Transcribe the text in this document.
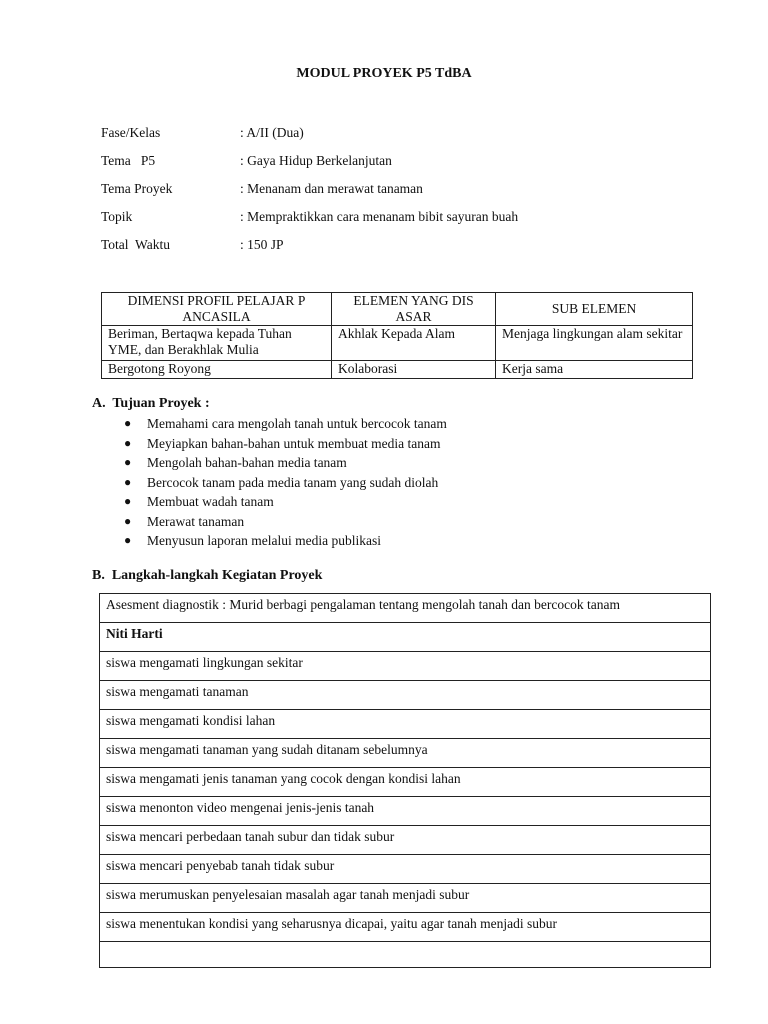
MODUL PROYEK P5 TdBA
Fase/Kelas	: A/II (Dua)
Tema   P5	: Gaya Hidup Berkelanjutan
Tema Proyek	: Menanam dan merawat tanaman
Topik	: Mempraktikkan cara menanam bibit sayuran buah
Total  Waktu	: 150 JP
DIMENSI PROFIL PELAJAR P ANCASILA	ELEMEN YANG DIS ASAR	SUB ELEMEN
Beriman, Bertaqwa kepada Tuhan YME, dan Berakhlak Mulia	Akhlak Kepada Alam	Menjaga lingkungan alam sekitar
Bergotong Royong	Kolaborasi	Kerja sama
A.  Tujuan Proyek :
●	Memahami cara mengolah tanah untuk bercocok tanam
●	Meyiapkan bahan-bahan untuk membuat media tanam
●	Mengolah bahan-bahan media tanam
●	Bercocok tanam pada media tanam yang sudah diolah
●	Membuat wadah tanam
●	Merawat tanaman
●	Menyusun laporan melalui media publikasi
B.  Langkah-langkah Kegiatan Proyek
Asesment diagnostik : Murid berbagi pengalaman tentang mengolah tanah dan bercocok tanam
Niti Harti
siswa mengamati lingkungan sekitar
siswa mengamati tanaman
siswa mengamati kondisi lahan
siswa mengamati tanaman yang sudah ditanam sebelumnya
siswa mengamati jenis tanaman yang cocok dengan kondisi lahan
siswa menonton video mengenai jenis-jenis tanah
siswa mencari perbedaan tanah subur dan tidak subur
siswa mencari penyebab tanah tidak subur
siswa merumuskan penyelesaian masalah agar tanah menjadi subur
siswa menentukan kondisi yang seharusnya dicapai, yaitu agar tanah menjadi subur
